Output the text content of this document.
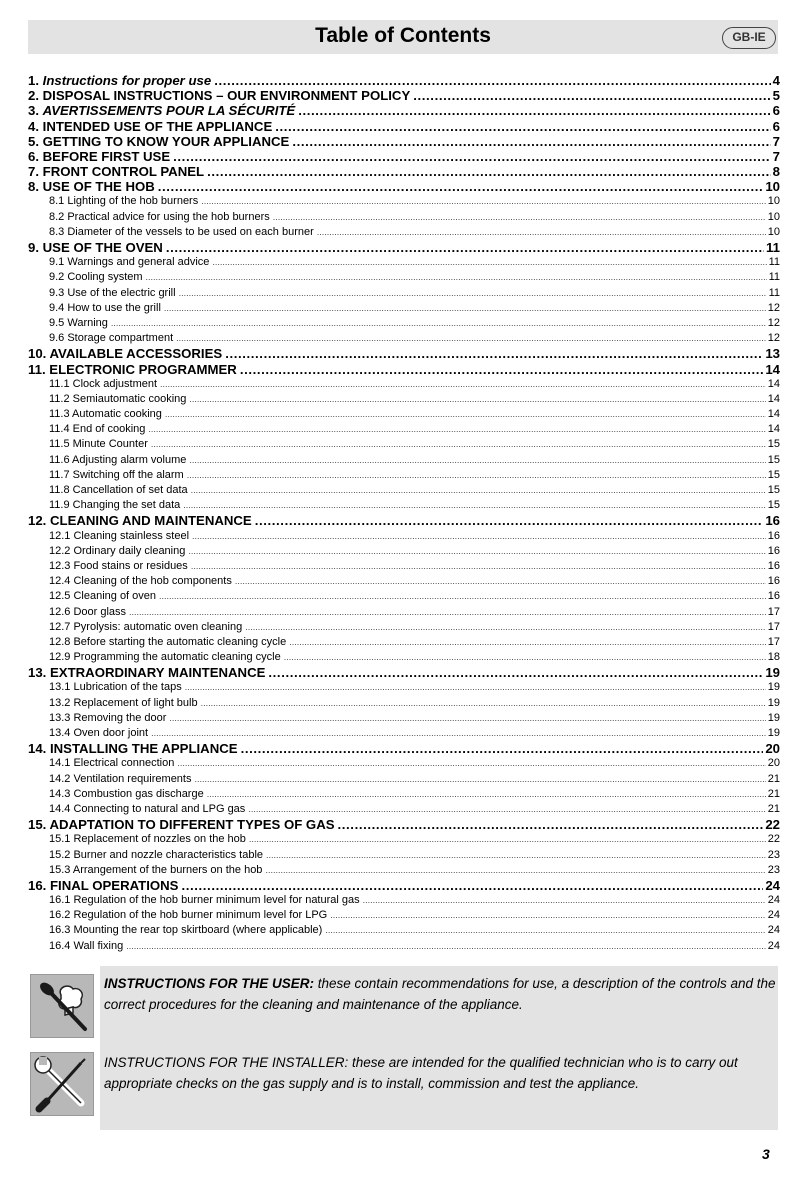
Table of Contents	GB-IE
1. Instructions for proper use .....	4
2. DISPOSAL INSTRUCTIONS – OUR ENVIRONMENT POLICY .....	5
3. AVERTISSEMENTS POUR LA SÉCURITÉ .....	6
4. INTENDED USE OF THE APPLIANCE .....	6
5. GETTING TO KNOW YOUR APPLIANCE .....	7
6. BEFORE FIRST USE .....	7
7. FRONT CONTROL PANEL .....	8
8. USE OF THE HOB .....	10
8.1 Lighting of the hob burners .....	10
8.2 Practical advice for using the hob burners .....	10
8.3 Diameter of the vessels to be used on each burner .....	10
9. USE OF THE OVEN .....	11
9.1 Warnings and general advice .....	11
9.2 Cooling system .....	11
9.3 Use of the electric grill .....	11
9.4 How to use the grill .....	12
9.5 Warning .....	12
9.6 Storage compartment .....	12
10. AVAILABLE ACCESSORIES .....	13
11. ELECTRONIC PROGRAMMER .....	14
11.1 Clock adjustment .....	14
11.2 Semiautomatic cooking .....	14
11.3 Automatic cooking .....	14
11.4 End of cooking .....	14
11.5 Minute Counter .....	15
11.6 Adjusting alarm volume .....	15
11.7 Switching off the alarm .....	15
11.8 Cancellation of set data .....	15
11.9 Changing the set data .....	15
12. CLEANING AND MAINTENANCE .....	16
12.1 Cleaning stainless steel .....	16
12.2 Ordinary daily cleaning .....	16
12.3 Food stains or residues .....	16
12.4 Cleaning of the hob components .....	16
12.5 Cleaning of oven .....	16
12.6 Door glass .....	17
12.7 Pyrolysis: automatic oven cleaning .....	17
12.8 Before starting the automatic cleaning cycle .....	17
12.9 Programming the automatic cleaning cycle .....	18
13. EXTRAORDINARY MAINTENANCE .....	19
13.1 Lubrication of the taps .....	19
13.2 Replacement of light bulb .....	19
13.3 Removing the door .....	19
13.4 Oven door joint .....	19
14. INSTALLING THE APPLIANCE .....	20
14.1 Electrical connection .....	20
14.2 Ventilation requirements .....	21
14.3 Combustion gas discharge .....	21
14.4 Connecting to natural and LPG gas .....	21
15. ADAPTATION TO DIFFERENT TYPES OF GAS .....	22
15.1 Replacement of nozzles on the hob .....	22
15.2 Burner and nozzle characteristics table .....	23
15.3 Arrangement of the burners on the hob .....	23
16. FINAL OPERATIONS .....	24
16.1 Regulation of the hob burner minimum level for natural gas .....	24
16.2 Regulation of the hob burner minimum level for LPG .....	24
16.3 Mounting the rear top skirtboard (where applicable) .....	24
16.4 Wall fixing .....	24
INSTRUCTIONS FOR THE USER: these contain recommendations for use, a description of the controls and the correct procedures for the cleaning and maintenance of the appliance.
INSTRUCTIONS FOR THE INSTALLER: these are intended for the qualified technician who is to carry out appropriate checks on the gas supply and is to install, commission and test the appliance.
3
